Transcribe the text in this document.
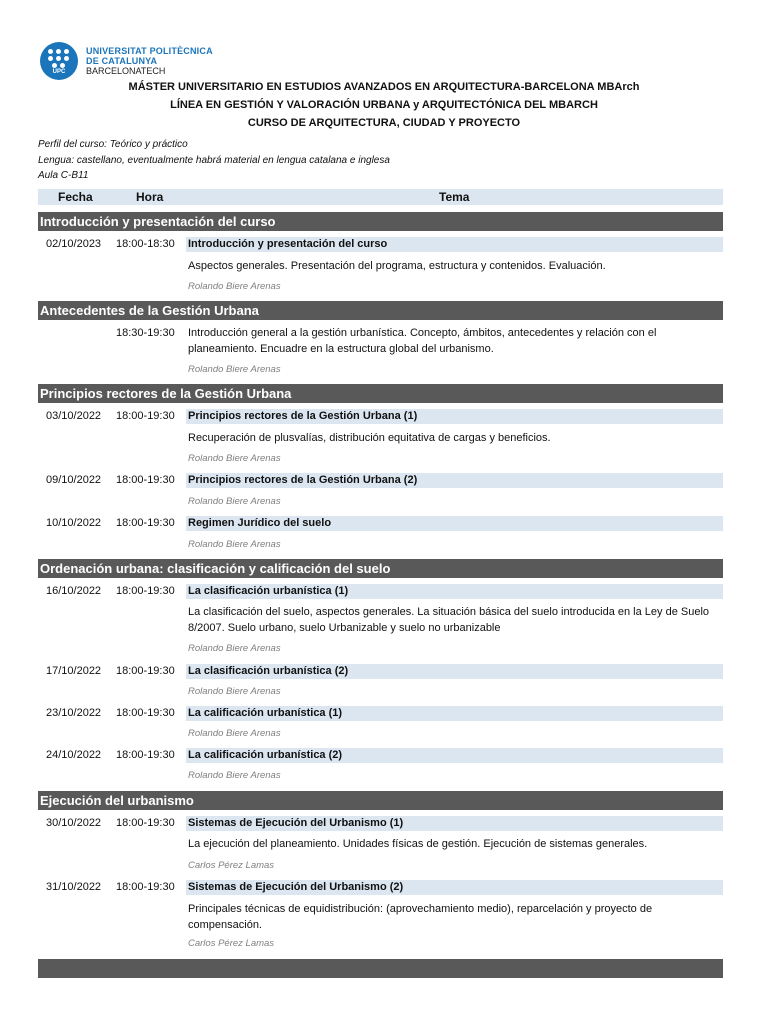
UPC
UNIVERSITAT POLITÈCNICA
DE CATALUNYA
BARCELONATECH
MÁSTER UNIVERSITARIO EN ESTUDIOS AVANZADOS EN ARQUITECTURA-BARCELONA MBArch
LÍNEA EN GESTIÓN Y VALORACIÓN URBANA y ARQUITECTÓNICA DEL MBARCH
CURSO DE ARQUITECTURA, CIUDAD Y PROYECTO
Perfil del curso: Teórico y práctico
Lengua: castellano, eventualmente habrá material en lengua catalana e inglesa
Aula C-B11
Fecha	Hora	Tema
Introducción y presentación del curso
02/10/2023 18:00-18:30 Introducción y presentación del curso
Aspectos generales. Presentación del programa, estructura y contenidos. Evaluación.
Rolando Biere Arenas
Antecedentes de la Gestión Urbana
18:30-19:30 Introducción general a la gestión urbanística. Concepto, ámbitos, antecedentes y relación con el planeamiento. Encuadre en la estructura global del urbanismo.
Rolando Biere Arenas
Principios rectores de la Gestión Urbana
03/10/2022 18:00-19:30 Principios rectores de la Gestión Urbana (1)
Recuperación de plusvalías, distribución equitativa de cargas y beneficios.
Rolando Biere Arenas
09/10/2022 18:00-19:30 Principios rectores de la Gestión Urbana (2)
Rolando Biere Arenas
10/10/2022 18:00-19:30 Regimen Jurídico del suelo
Rolando Biere Arenas
Ordenación urbana: clasificación y calificación del suelo
16/10/2022 18:00-19:30 La clasificación urbanística (1)
La clasificación del suelo, aspectos generales. La situación básica del suelo introducida en la Ley de Suelo 8/2007. Suelo urbano, suelo Urbanizable y suelo no urbanizable
Rolando Biere Arenas
17/10/2022 18:00-19:30 La clasificación urbanística (2)
Rolando Biere Arenas
23/10/2022 18:00-19:30 La calificación urbanística (1)
Rolando Biere Arenas
24/10/2022 18:00-19:30 La calificación urbanística (2)
Rolando Biere Arenas
Ejecución del urbanismo
30/10/2022 18:00-19:30 Sistemas de Ejecución del Urbanismo (1)
La ejecución del planeamiento. Unidades físicas de gestión. Ejecución de sistemas generales.
Carlos Pérez Lamas
31/10/2022 18:00-19:30 Sistemas de Ejecución del Urbanismo (2)
Principales técnicas de equidistribución: (aprovechamiento medio), reparcelación y proyecto de compensación.
Carlos Pérez Lamas
